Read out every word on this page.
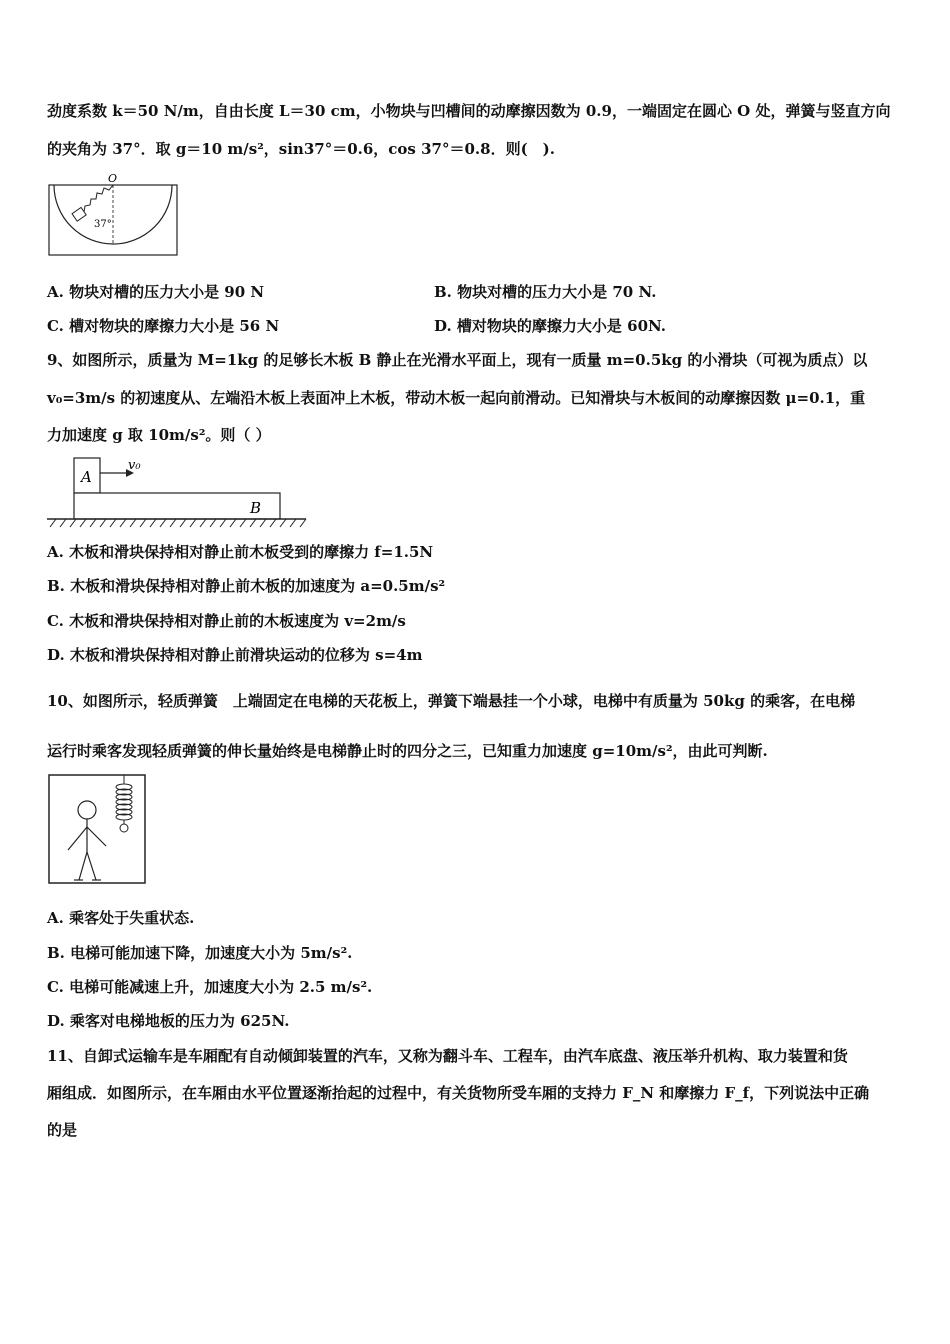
劲度系数 k＝50 N/m，自由长度 L＝30 cm，小物块与凹槽间的动摩擦因数为 0.9，一端固定在圆心 O 处，弹簧与竖直方向
的夹角为 37°．取 g＝10 m/s²，sin37°＝0.6，cos 37°＝0.8．则(　).
O
37°
A. 物块对槽的压力大小是 90 N	B. 物块对槽的压力大小是 70 N.
C. 槽对物块的摩擦力大小是 56 N	D. 槽对物块的摩擦力大小是 60N.
9、如图所示，质量为 M=1kg 的足够长木板 B 静止在光滑水平面上，现有一质量 m=0.5kg 的小滑块（可视为质点）以
v₀=3m/s 的初速度从、左端沿木板上表面冲上木板，带动木板一起向前滑动。已知滑块与木板间的动摩擦因数 μ=0.1，重
力加速度 g 取 10m/s²。则（ ）
A
v₀
B
A. 木板和滑块保持相对静止前木板受到的摩擦力 f=1.5N
B. 木板和滑块保持相对静止前木板的加速度为 a=0.5m/s²
C. 木板和滑块保持相对静止前的木板速度为 v=2m/s
D. 木板和滑块保持相对静止前滑块运动的位移为 s=4m
10、如图所示，轻质弹簧　上端固定在电梯的天花板上，弹簧下端悬挂一个小球，电梯中有质量为 50kg 的乘客，在电梯
运行时乘客发现轻质弹簧的伸长量始终是电梯静止时的四分之三，已知重力加速度 g=10m/s²，由此可判断.
A. 乘客处于失重状态.
B. 电梯可能加速下降，加速度大小为 5m/s².
C. 电梯可能减速上升，加速度大小为 2.5 m/s².
D. 乘客对电梯地板的压力为 625N.
11、自卸式运输车是车厢配有自动倾卸装置的汽车，又称为翻斗车、工程车，由汽车底盘、液压举升机构、取力装置和货
厢组成．如图所示，在车厢由水平位置逐渐抬起的过程中，有关货物所受车厢的支持力 F_N 和摩擦力 F_f，下列说法中正确
的是
